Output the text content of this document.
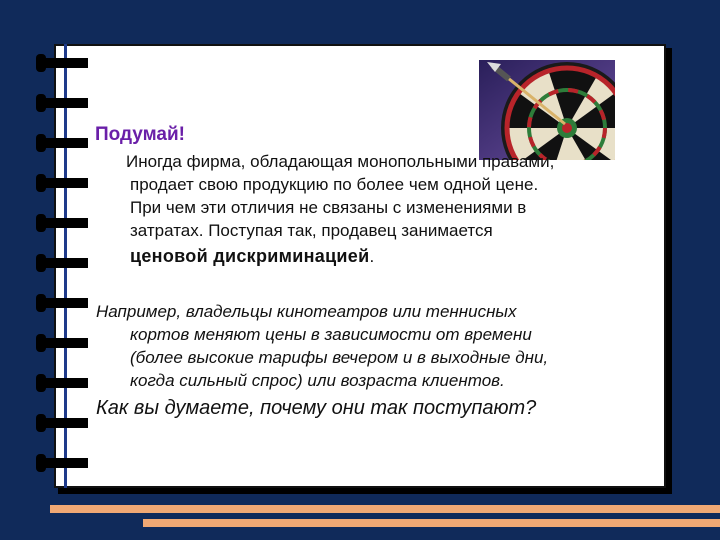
Подумай!
Иногда фирма, обладающая монопольными правами,
продает свою продукцию по более чем одной цене.
При чем эти отличия не связаны с изменениями в
затратах. Поступая так, продавец занимается
ценовой дискриминацией.
Например, владельцы кинотеатров или теннисных
кортов меняют цены в зависимости от времени
(более высокие тарифы вечером и в выходные дни,
когда сильный спрос) или возраста клиентов.
Как вы думаете, почему они так поступают?
